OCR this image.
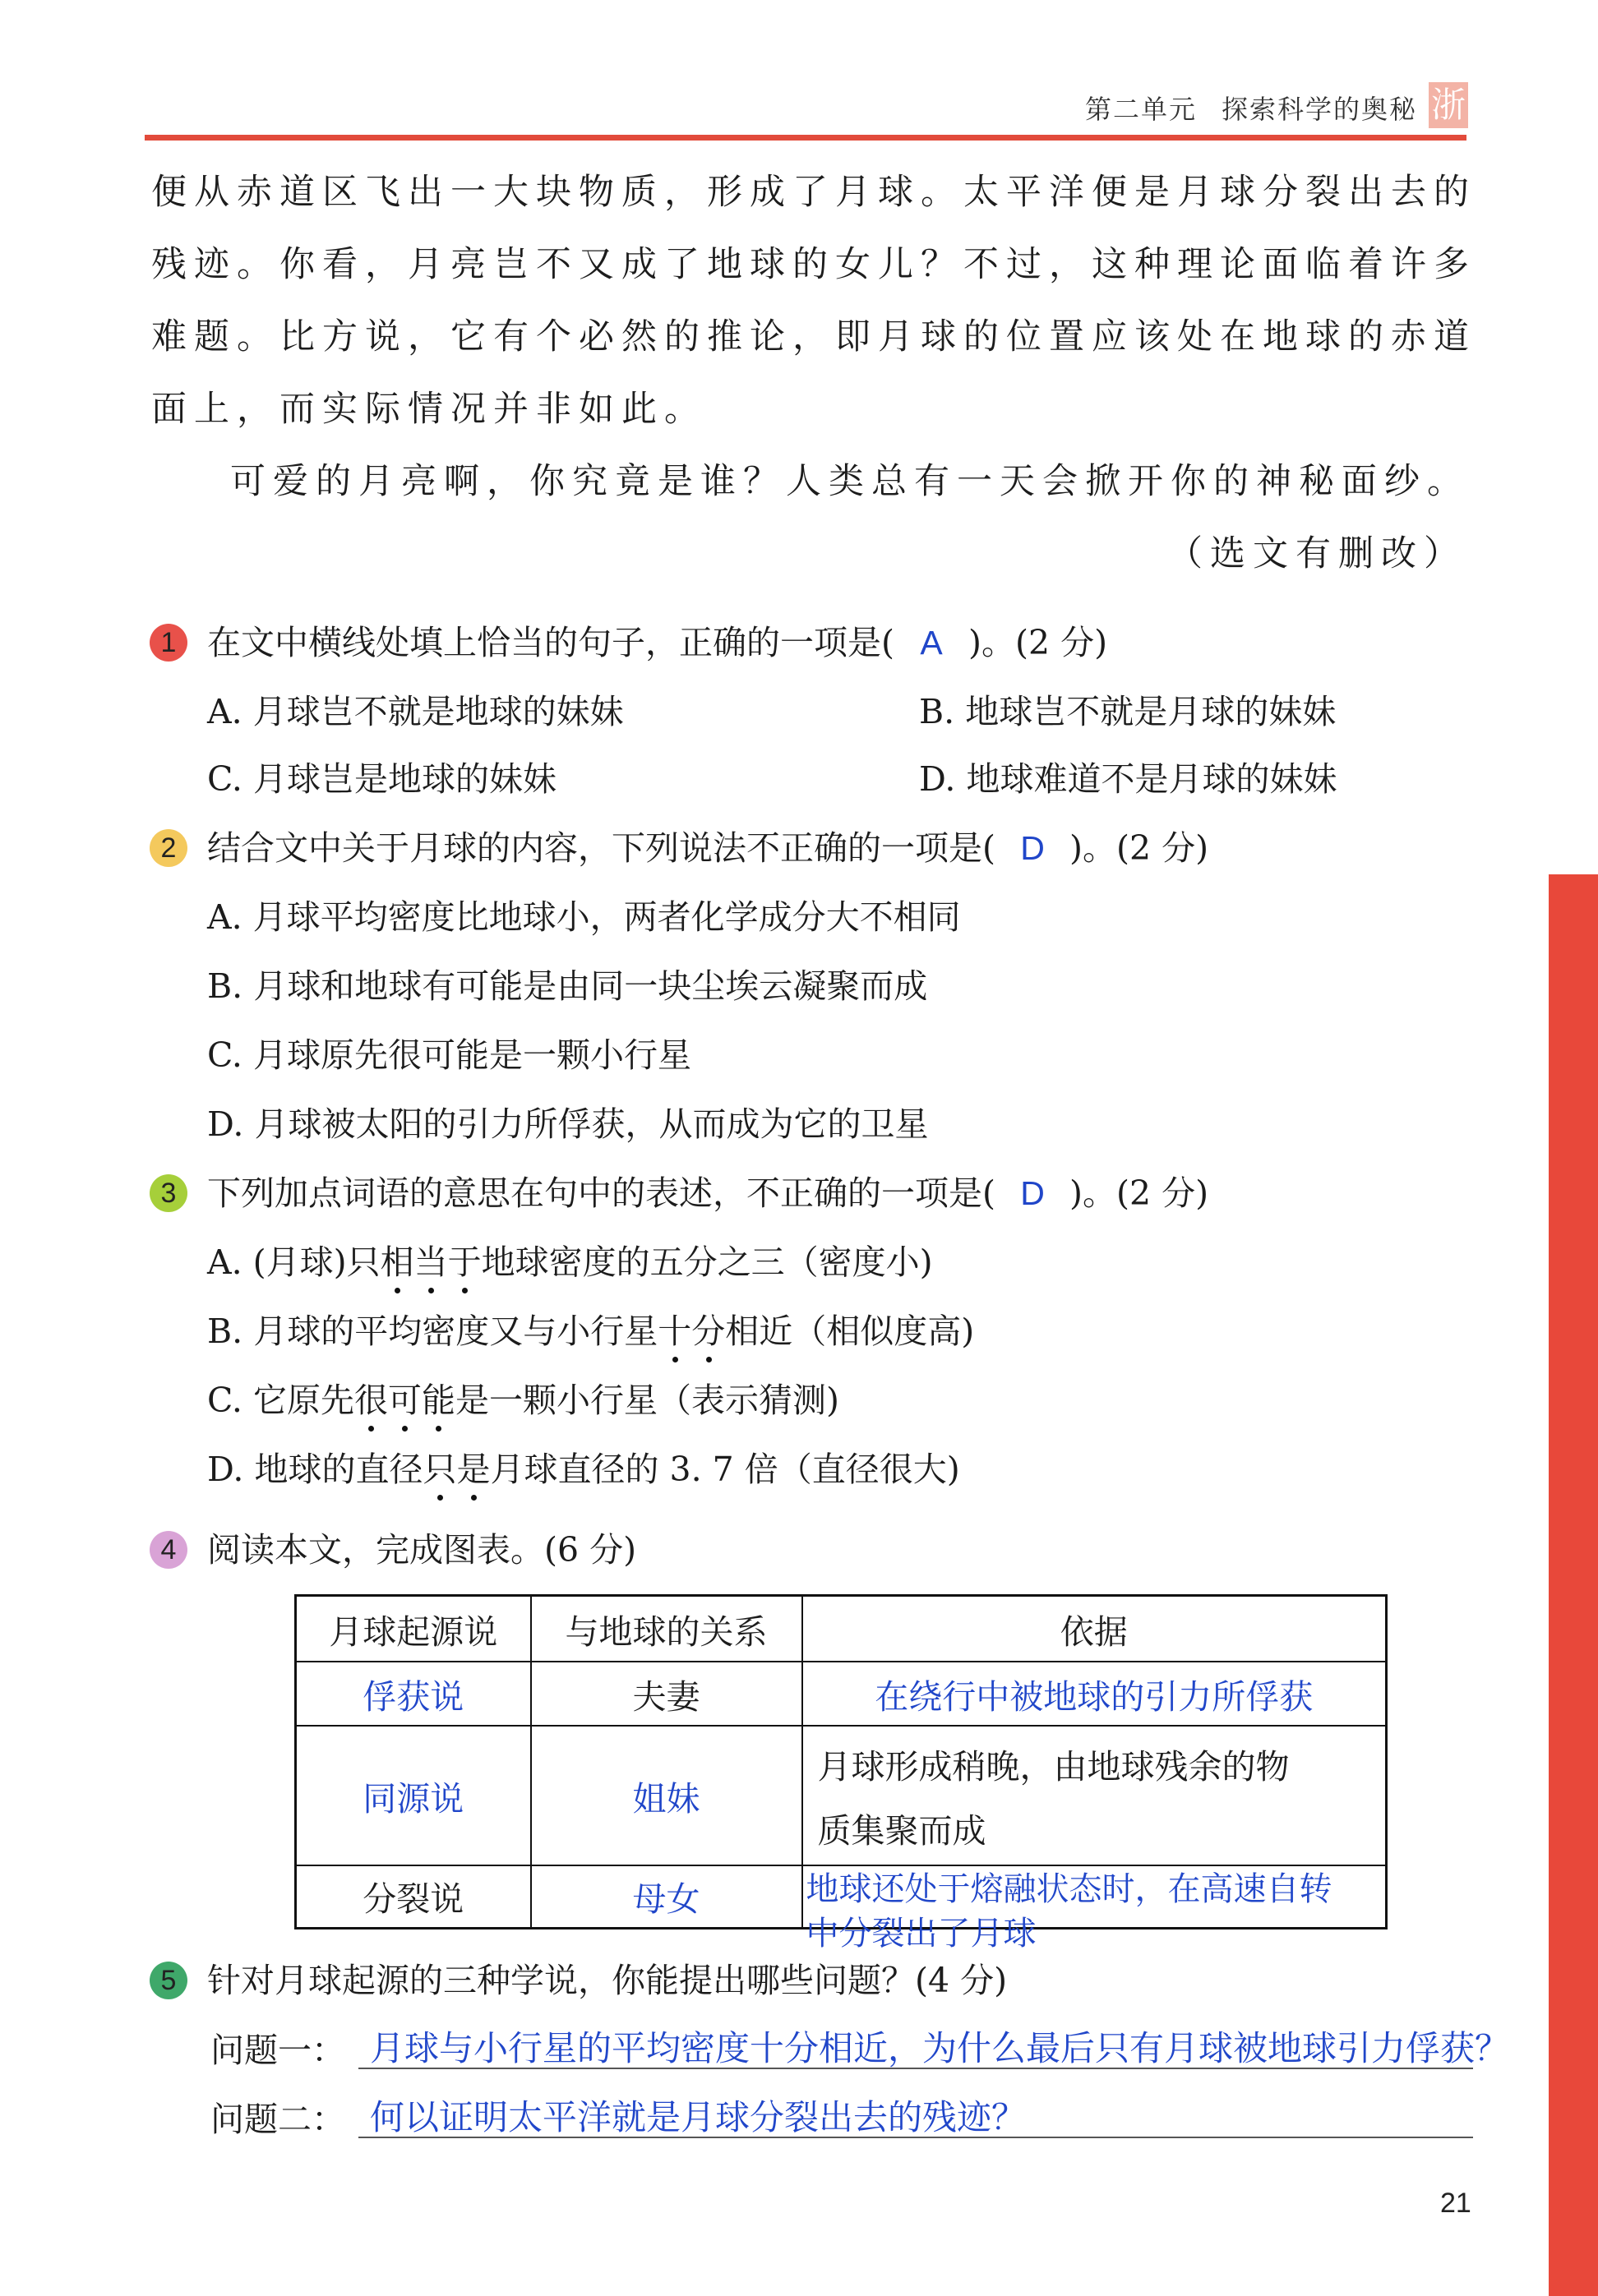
第二单元 探索科学的奥秘 浙

便从赤道区飞出一大块物质，形成了月球。太平洋便是月球分裂出去的

残迹。你看，月亮岂不又成了地球的女儿？不过，这种理论面临着许多

难题。比方说，它有个必然的推论，即月球的位置应该处在地球的赤道

面上，而实际情况并非如此。

可爱的月亮啊，你究竟是谁？人类总有一天会掀开你的神秘面纱。

（选文有删改）

1 在文中横线处填上恰当的句子，正确的一项是( A )。(2 分)
A. 月球岂不就是地球的妹妹	B. 地球岂不就是月球的妹妹
C. 月球岂是地球的妹妹	D. 地球难道不是月球的妹妹
2 结合文中关于月球的内容，下列说法不正确的一项是( D )。(2 分)
A. 月球平均密度比地球小，两者化学成分大不相同
B. 月球和地球有可能是由同一块尘埃云凝聚而成
C. 月球原先很可能是一颗小行星
D. 月球被太阳的引力所俘获，从而成为它的卫星
3 下列加点词语的意思在句中的表述，不正确的一项是( D )。(2 分)
A. (月球)只相当于地球密度的五分之三（密度小)
B. 月球的平均密度又与小行星十分相近（相似度高)
C. 它原先很可能是一颗小行星（表示猜测)
D. 地球的直径只是月球直径的 3. 7 倍（直径很大)
4 阅读本文，完成图表。(6 分)
月球起源说	与地球的关系	依据
俘获说	夫妻	在绕行中被地球的引力所俘获
同源说	姐妹	月球形成稍晚，由地球残余的物
质集聚而成

分裂说	母女	地球还处于熔融状态时，在高速自转
中分裂出了月球
5 针对月球起源的三种学说，你能提出哪些问题？(4 分)
问题一： 月球与小行星的平均密度十分相近，为什么最后只有月球被地球引力俘获？
问题二： 何以证明太平洋就是月球分裂出去的残迹？
21
